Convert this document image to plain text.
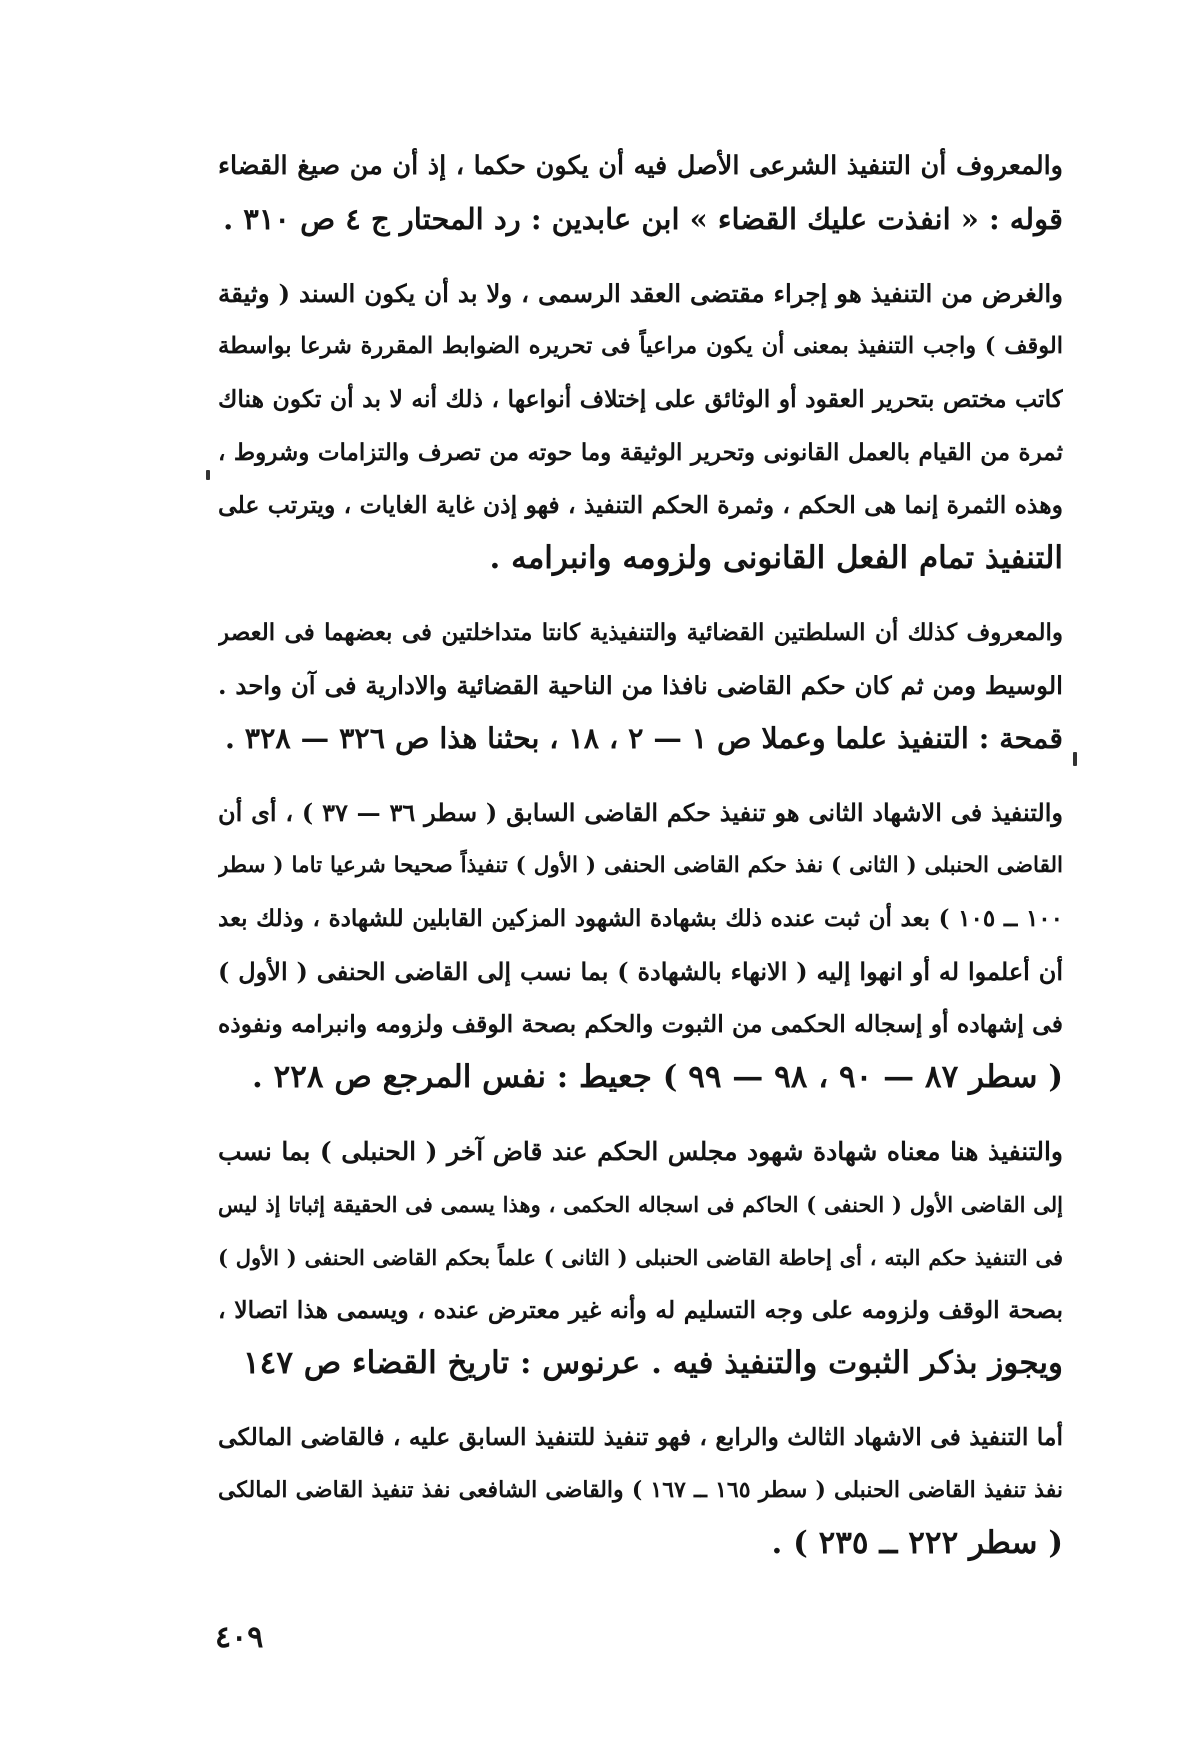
والمعروف أن التنفيذ الشرعى الأصل فيه أن يكون حكما ، إذ أن من صيغ القضاء
قوله : « انفذت عليك القضاء » ابن عابدين : رد المحتار ج ٤ ص ٣١٠ .

والغرض من التنفيذ هو إجراء مقتضى العقد الرسمى ، ولا بد أن يكون السند ( وثيقة
الوقف ) واجب التنفيذ بمعنى أن يكون مراعياً فى تحريره الضوابط المقررة شرعا بواسطة
كاتب مختص بتحرير العقود أو الوثائق على إختلاف أنواعها ، ذلك أنه لا بد أن تكون هناك
ثمرة من القيام بالعمل القانونى وتحرير الوثيقة وما حوته من تصرف والتزامات وشروط ،
وهذه الثمرة إنما هى الحكم ، وثمرة الحكم التنفيذ ، فهو إذن غاية الغايات ، ويترتب على
التنفيذ تمام الفعل القانونى ولزومه وانبرامه .

والمعروف كذلك أن السلطتين القضائية والتنفيذية كانتا متداخلتين فى بعضهما فى العصر
الوسيط ومن ثم كان حكم القاضى نافذا من الناحية القضائية والادارية فى آن واحد .
قمحة : التنفيذ علما وعملا ص ١ — ٢ ، ١٨ ، بحثنا هذا ص ٣٢٦ — ٣٢٨ .

والتنفيذ فى الاشهاد الثانى هو تنفيذ حكم القاضى السابق ( سطر ٣٦ — ٣٧ ) ، أى أن
القاضى الحنبلى ( الثانى ) نفذ حكم القاضى الحنفى ( الأول ) تنفيذاً صحيحا شرعيا تاما ( سطر
١٠٠ ــ ١٠٥ ) بعد أن ثبت عنده ذلك بشهادة الشهود المزكين القابلين للشهادة ، وذلك بعد
أن أعلموا له أو انهوا إليه ( الانهاء بالشهادة ) بما نسب إلى القاضى الحنفى ( الأول )
فى إشهاده أو إسجاله الحكمى من الثبوت والحكم بصحة الوقف ولزومه وانبرامه ونفوذه
( سطر ٨٧ — ٩٠ ، ٩٨ — ٩٩ ) جعيط : نفس المرجع ص ٢٢٨ .

والتنفيذ هنا معناه شهادة شهود مجلس الحكم عند قاض آخر ( الحنبلى ) بما نسب
إلى القاضى الأول ( الحنفى ) الحاكم فى اسجاله الحكمى ، وهذا يسمى فى الحقيقة إثباتا إذ ليس
فى التنفيذ حكم البته ، أى إحاطة القاضى الحنبلى ( الثانى ) علماً بحكم القاضى الحنفى ( الأول )
بصحة الوقف ولزومه على وجه التسليم له وأنه غير معترض عنده ، ويسمى هذا اتصالا ،
ويجوز بذكر الثبوت والتنفيذ فيه . عرنوس : تاريخ القضاء ص ١٤٧

أما التنفيذ فى الاشهاد الثالث والرابع ، فهو تنفيذ للتنفيذ السابق عليه ، فالقاضى المالكى
نفذ تنفيذ القاضى الحنبلى ( سطر ١٦٥ ــ ١٦٧ ) والقاضى الشافعى نفذ تنفيذ القاضى المالكى
( سطر ٢٢٢ ــ ٢٣٥ ) .

٤٠٩
